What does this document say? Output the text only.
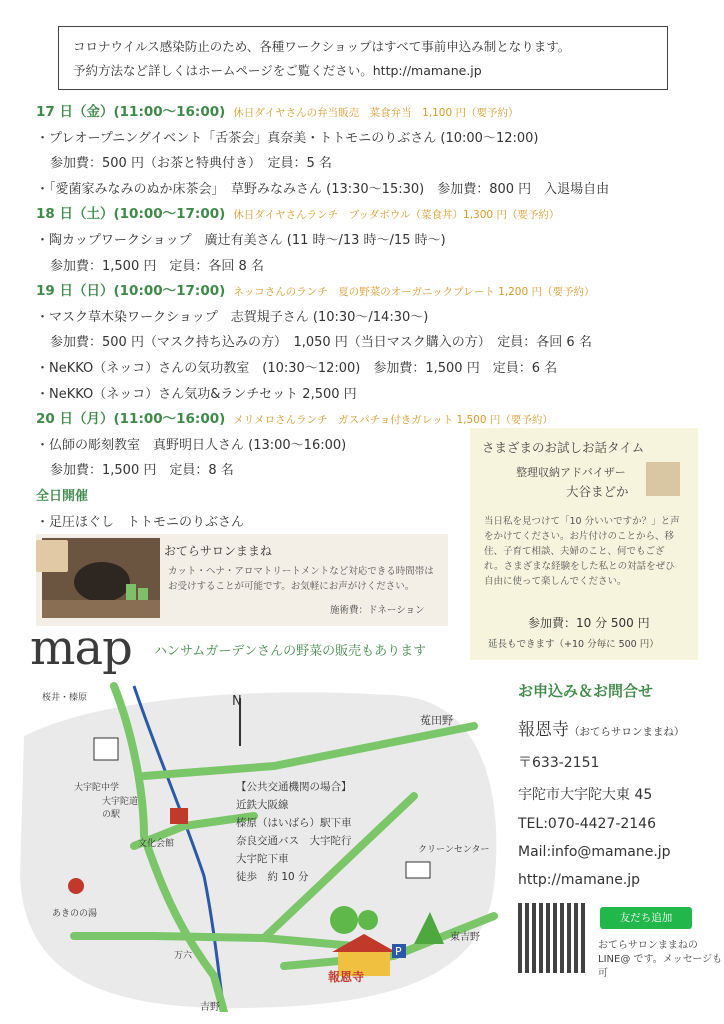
コロナウイルス感染防止のため、各種ワークショップはすべて事前申込み制となります。
予約方法など詳しくはホームページをご覧ください。http://mamane.jp
17 日（金）(11:00〜16:00) 休日ダイヤさんの弁当販売　菜食弁当　1,100 円（要予約）
・プレオープニングイベント「舌茶会」真奈美・トトモニのりぶさん (10:00〜12:00)
参加費：500 円（お茶と特典付き）　定員：5 名
・「愛菌家みなみのぬか床茶会」　草野みなみさん (13:30〜15:30)　参加費：800 円　入退場自由
18 日（土）(10:00〜17:00) 休日ダイヤさんランチ　ブッダボウル（菜食丼）1,300 円（要予約）
・陶カップワークショップ　廣辻有美さん (11 時〜/13 時〜/15 時〜)
参加費：1,500 円　定員：各回 8 名
19 日（日）(10:00〜17:00) ネッコさんのランチ　夏の野菜のオーガニックプレート 1,200 円（要予約）
・マスク草木染ワークショップ　志賀規子さん (10:30〜/14:30〜)
参加費：500 円（マスク持ち込みの方）　1,050 円（当日マスク購入の方）　定員：各回 6 名
・NeKKO（ネッコ）さんの気功教室　(10:30〜12:00)　参加費：1,500 円　定員：6 名
・NeKKO（ネッコ）さん気功&ランチセット 2,500 円
20 日（月）(11:00〜16:00) メリメロさんランチ　ガスパチョ付きガレット 1,500 円（要予約）
・仏師の彫刻教室　真野明日人さん (13:00〜16:00)
参加費：1,500 円　定員：8 名
全日開催
・足圧ほぐし　トトモニのりぶさん
さまざまのお試しお話タイム
整理収納アドバイザー
大谷まどか
当日私を見つけて「10 分いいですか？」と声をかけてください。お片付けのことから、移住、子育て相談、夫婦のこと、何でもござれ。さまざまな経験をした私との対話をぜひ自由に使って楽しんでください。
参加費：10 分 500 円
延長もできます（+10 分毎に 500 円）
おてらサロンままね
カット・ヘナ・アロマトリートメントなど対応できる時間帯はお受けすることが可能です。お気軽にお声がけください。
施術費：ドネーション
map ハンサムガーデンさんの野菜の販売もあります
P
桜井・榛原
大宇陀中学
大宇陀道の駅
文化会館
あきのの湯
万六
吉野
菟田野
クリーンセンター
東吉野
報恩寺
N
【公共交通機関の場合】
近鉄大阪線
榛原（はいばら）駅下車
奈良交通バス　大宇陀行
大宇陀下車
徒歩　約 10 分
お申込み＆お問合せ
報恩寺（おてらサロンままね）
〒633-2151
宇陀市大宇陀大東 45
TEL:070-4427-2146
Mail:info@mamane.jp
http://mamane.jp
友だち追加
おてらサロンままねの LINE@ です。メッセージも可
